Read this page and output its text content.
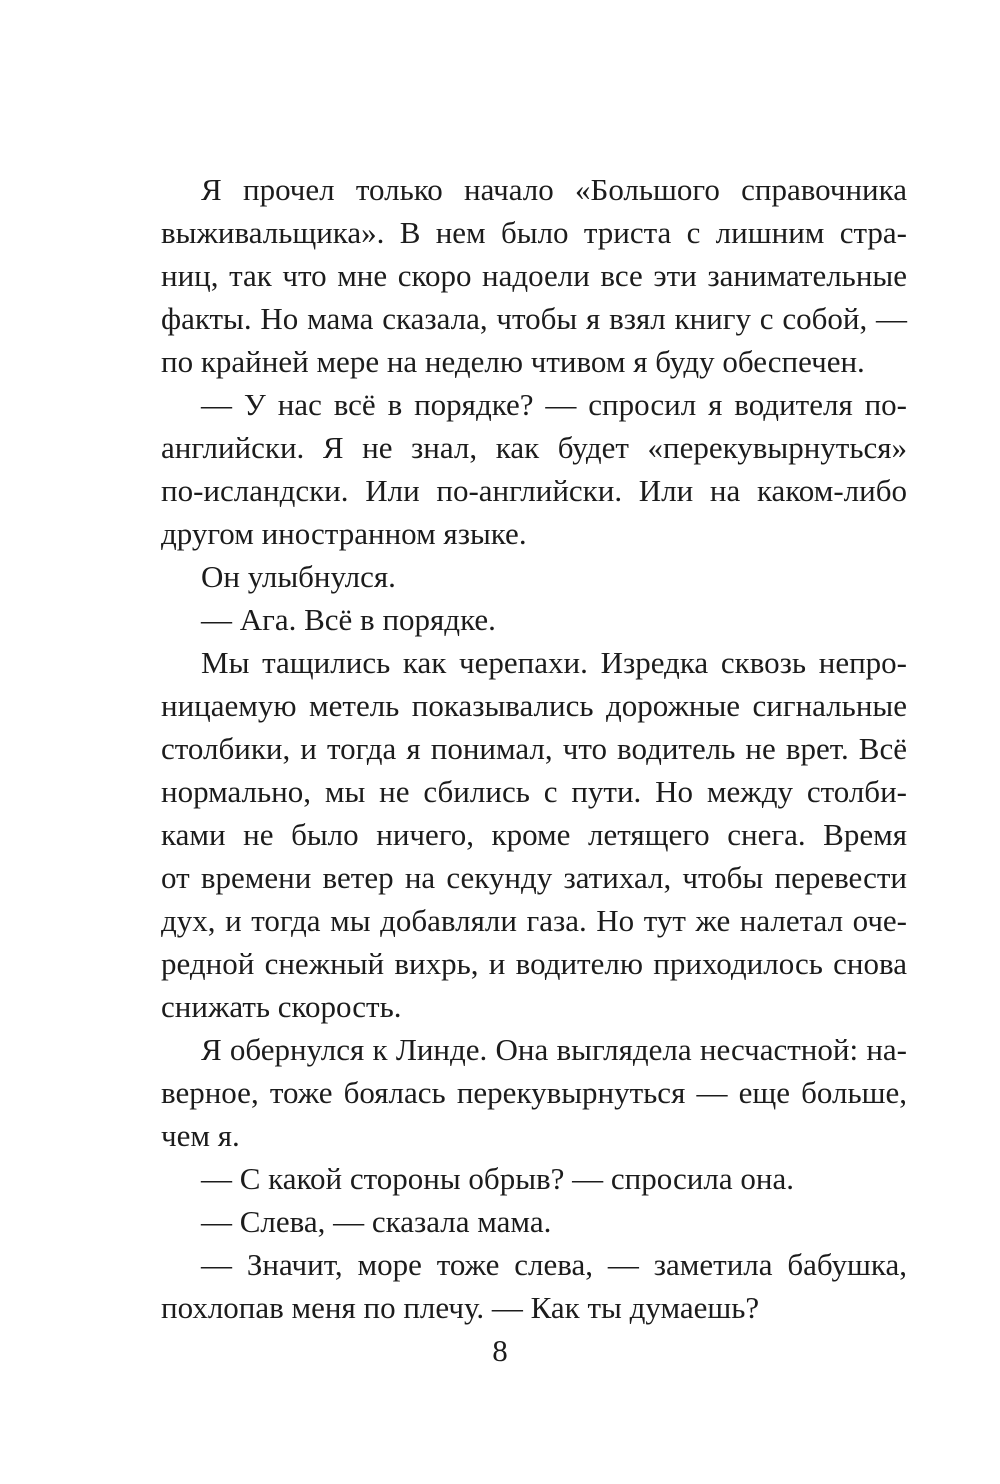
Я прочел только начало «Большого справочника
выживальщика». В нем было триста с лишним стра-
ниц, так что мне скоро надоели все эти занимательные
факты. Но мама сказала, чтобы я взял книгу с собой, —
по крайней мере на неделю чтивом я буду обеспечен.
— У нас всё в порядке? — спросил я водителя по-
английски. Я не знал, как будет «перекувырнуться»
по-исландски. Или по-английски. Или на каком-либо
другом иностранном языке.
Он улыбнулся.
— Ага. Всё в порядке.
Мы тащились как черепахи. Изредка сквозь непро-
ницаемую метель показывались дорожные сигнальные
столбики, и тогда я понимал, что водитель не врет. Всё
нормально, мы не сбились с пути. Но между столби-
ками не было ничего, кроме летящего снега. Время
от времени ветер на секунду затихал, чтобы перевести
дух, и тогда мы добавляли газа. Но тут же налетал оче-
редной снежный вихрь, и водителю приходилось снова
снижать скорость.
Я обернулся к Линде. Она выглядела несчастной: на-
верное, тоже боялась перекувырнуться — еще больше,
чем я.
— С какой стороны обрыв? — спросила она.
— Слева, — сказала мама.
— Значит, море тоже слева, — заметила бабушка,
похлопав меня по плечу. — Как ты думаешь?
8
